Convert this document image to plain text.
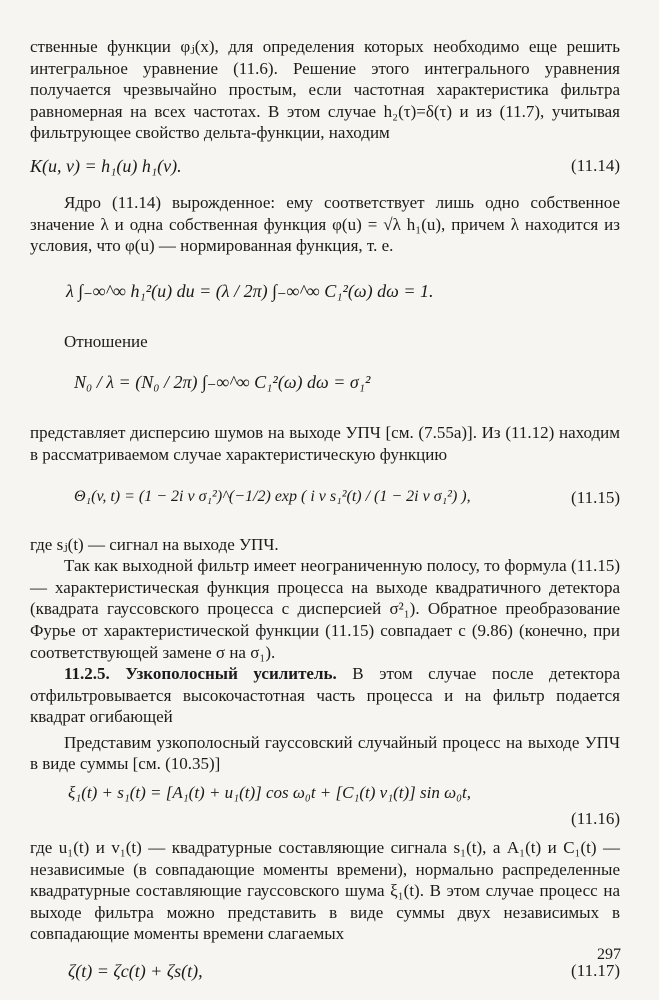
ственные функции φⱼ(x), для определения которых необходимо еще решить интегральное уравнение (11.6). Решение этого интегрального уравнения получается чрезвычайно простым, если частотная характеристика фильтра равномерная на всех частотах. В этом случае h₂(τ)=δ(τ) и из (11.7), учитывая фильтрующее свойство дельта-функции, находим

K(u, v) = h₁(u) h₁(v).	(11.14)

Ядро (11.14) вырожденное: ему соответствует лишь одно собственное значение λ и одна собственная функция φ(u) = √λ h₁(u), причем λ находится из условия, что φ(u) — нормированная функция, т. е.

λ ∫₋∞^∞ h₁²(u) du = (λ / 2π) ∫₋∞^∞ C₁²(ω) dω = 1.

Отношение

N₀ / λ = (N₀ / 2π) ∫₋∞^∞ C₁²(ω) dω = σ₁²

представляет дисперсию шумов на выходе УПЧ [см. (7.55а)]. Из (11.12) находим в рассматриваемом случае характеристическую функцию

Θ₁(v, t) = (1 − 2i v σ₁²)^(−1/2) exp ( i v s₁²(t) / (1 − 2i v σ₁²) ),	(11.15)

где sⱼ(t) — сигнал на выходе УПЧ.

Так как выходной фильтр имеет неограниченную полосу, то формула (11.15) — характеристическая функция процесса на выходе квадратичного детектора (квадрата гауссовского процесса с дисперсией σ²₁). Обратное преобразование Фурье от характеристической функции (11.15) совпадает с (9.86) (конечно, при соответствующей замене σ на σ₁).

11.2.5. Узкополосный усилитель. В этом случае после детектора отфильтровывается высокочастотная часть процесса и на фильтр подается квадрат огибающей

Представим узкополосный гауссовский случайный процесс на выходе УПЧ в виде суммы [см. (10.35)]

ξ₁(t) + s₁(t) = [A₁(t) + u₁(t)] cos ω₀t + [C₁(t) v₁(t)] sin ω₀t,
(11.16)

где u₁(t) и v₁(t) — квадратурные составляющие сигнала s₁(t), а A₁(t) и C₁(t) — независимые (в совпадающие моменты времени), нормально распределенные квадратурные составляющие гауссовского шума ξ₁(t). В этом случае процесс на выходе фильтра можно представить в виде суммы двух независимых в совпадающие моменты времени слагаемых

ζ(t) = ζc(t) + ζs(t),	(11.17)
297
